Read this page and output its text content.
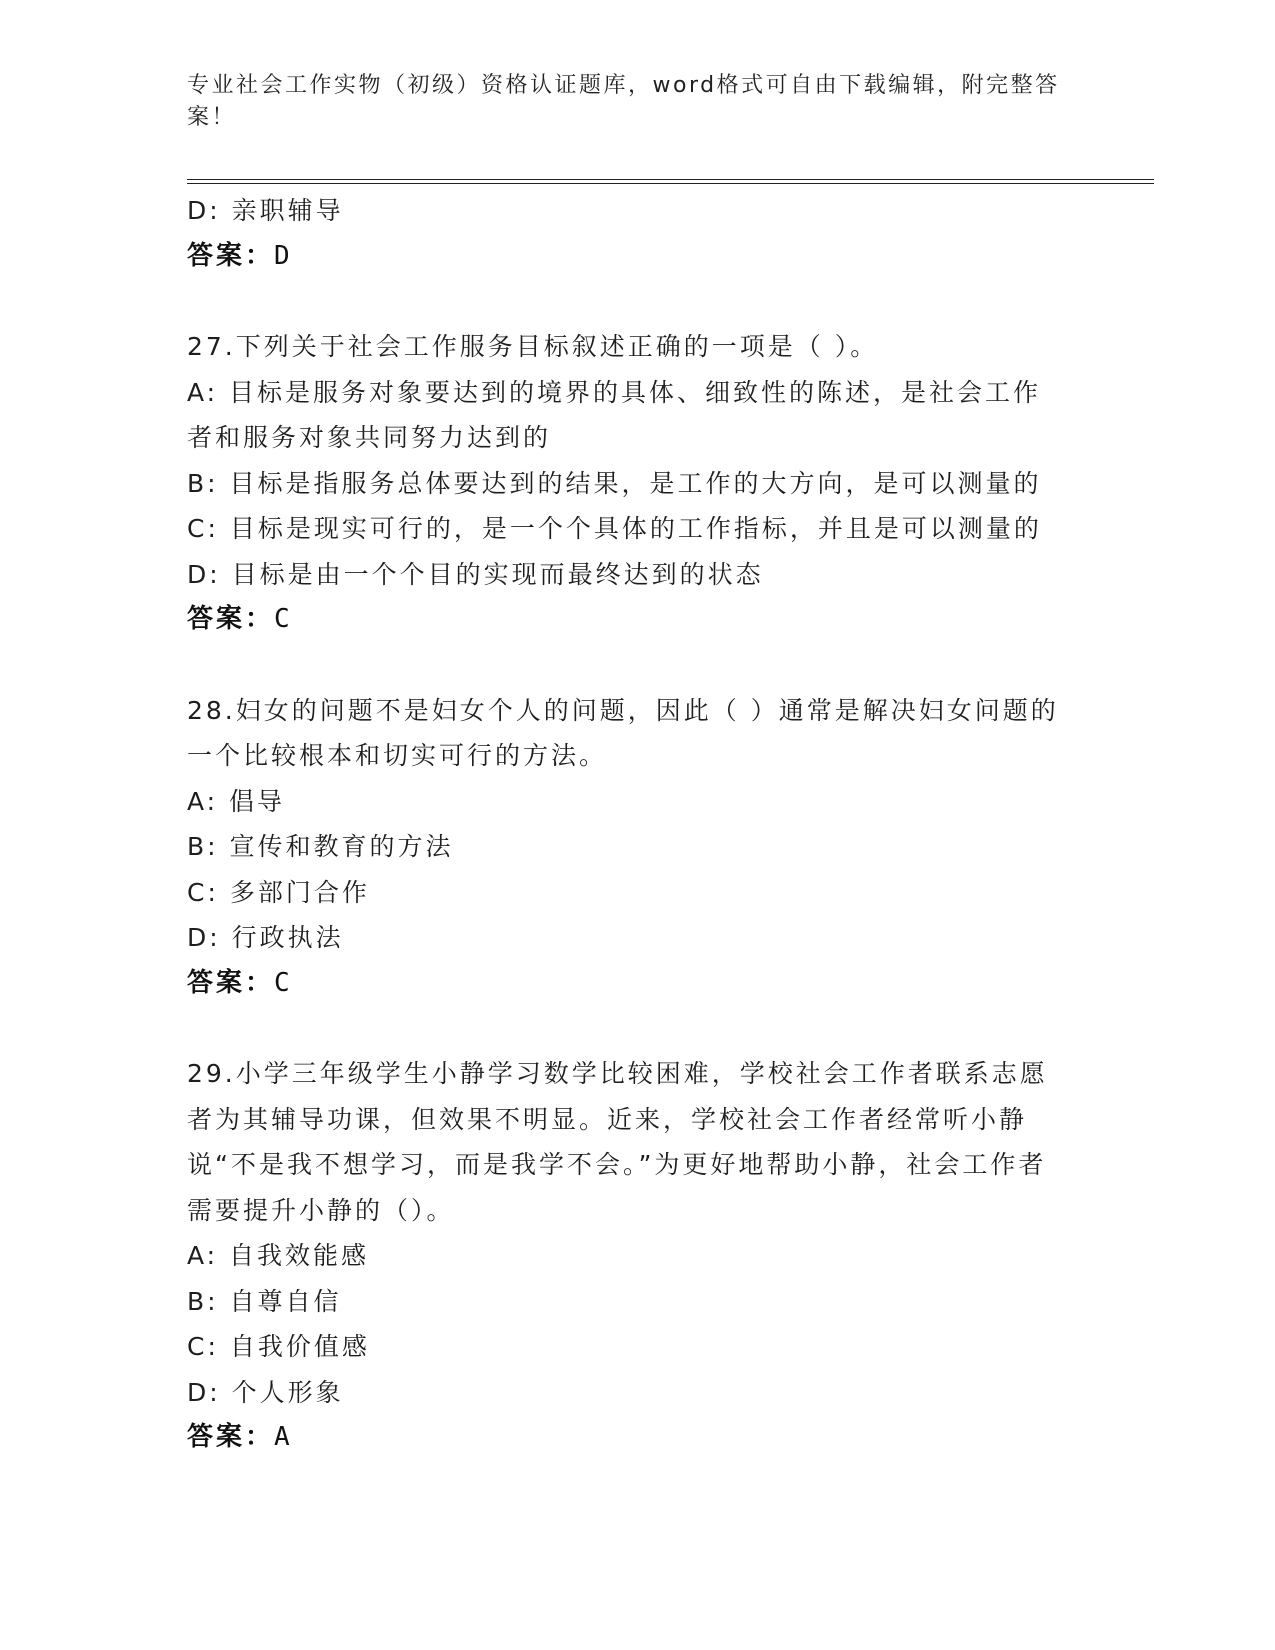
专业社会工作实物（初级）资格认证题库，word格式可自由下载编辑，附完整答案！
D: 亲职辅导
答案：D
27.下列关于社会工作服务目标叙述正确的一项是（ ）。
A: 目标是服务对象要达到的境界的具体、细致性的陈述，是社会工作者和服务对象共同努力达到的
B: 目标是指服务总体要达到的结果，是工作的大方向，是可以测量的
C: 目标是现实可行的，是一个个具体的工作指标，并且是可以测量的
D: 目标是由一个个目的实现而最终达到的状态
答案：C
28.妇女的问题不是妇女个人的问题，因此（ ）通常是解决妇女问题的一个比较根本和切实可行的方法。
A: 倡导
B: 宣传和教育的方法
C: 多部门合作
D: 行政执法
答案：C
29.小学三年级学生小静学习数学比较困难，学校社会工作者联系志愿者为其辅导功课，但效果不明显。近来，学校社会工作者经常听小静说“不是我不想学习，而是我学不会。”为更好地帮助小静，社会工作者需要提升小静的（）。
A: 自我效能感
B: 自尊自信
C: 自我价值感
D: 个人形象
答案：A
